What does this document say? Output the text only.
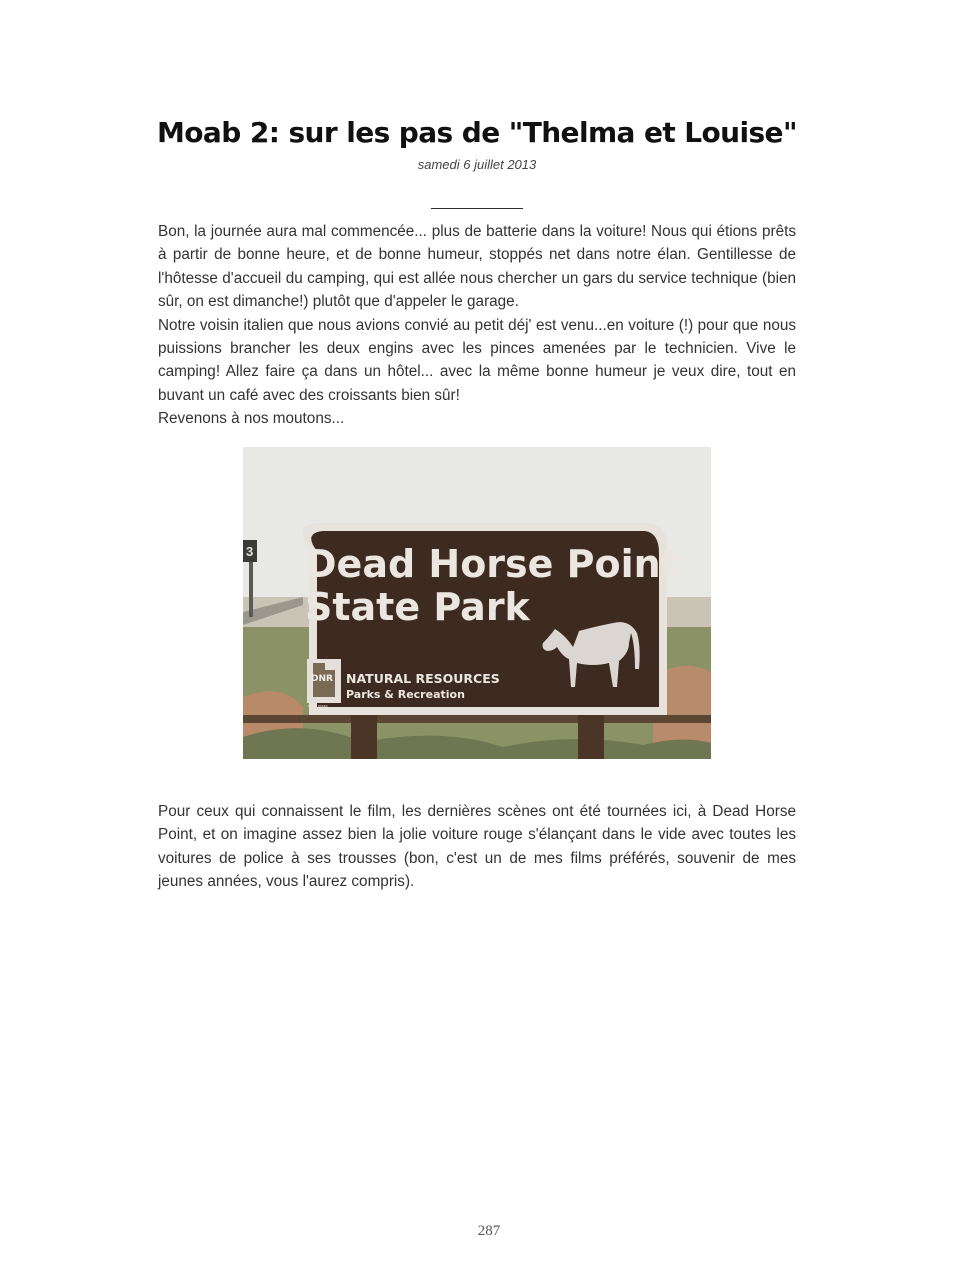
Moab 2: sur les pas de "Thelma et Louise"
samedi 6 juillet 2013
___________

Bon, la journée aura mal commencée... plus de batterie dans la voiture! Nous qui étions prêts à partir de bonne heure, et de bonne humeur, stoppés net dans notre élan. Gentillesse de l'hôtesse d'accueil du camping, qui est allée nous chercher un gars du service technique (bien sûr, on est dimanche!) plutôt que d'appeler le garage.

Notre voisin italien que nous avions convié au petit déj' est venu...en voiture (!) pour que nous puissions brancher les deux engins avec les pinces amenées par le technicien. Vive le camping! Allez faire ça dans un hôtel... avec la même bonne humeur je veux dire, tout en buvant un café avec des croissants bien sûr!

Revenons à nos moutons...

3 Dead Horse Point
State Park
DNR
STATE PARKS
NATURAL RESOURCES
Parks & Recreation

Pour ceux qui connaissent le film, les dernières scènes ont été tournées ici, à Dead Horse Point, et on imagine assez bien la jolie voiture rouge s'élançant dans le vide avec toutes les voitures de police à ses trousses (bon, c'est un de mes films préférés, souvenir de mes jeunes années, vous l'aurez compris).

287
